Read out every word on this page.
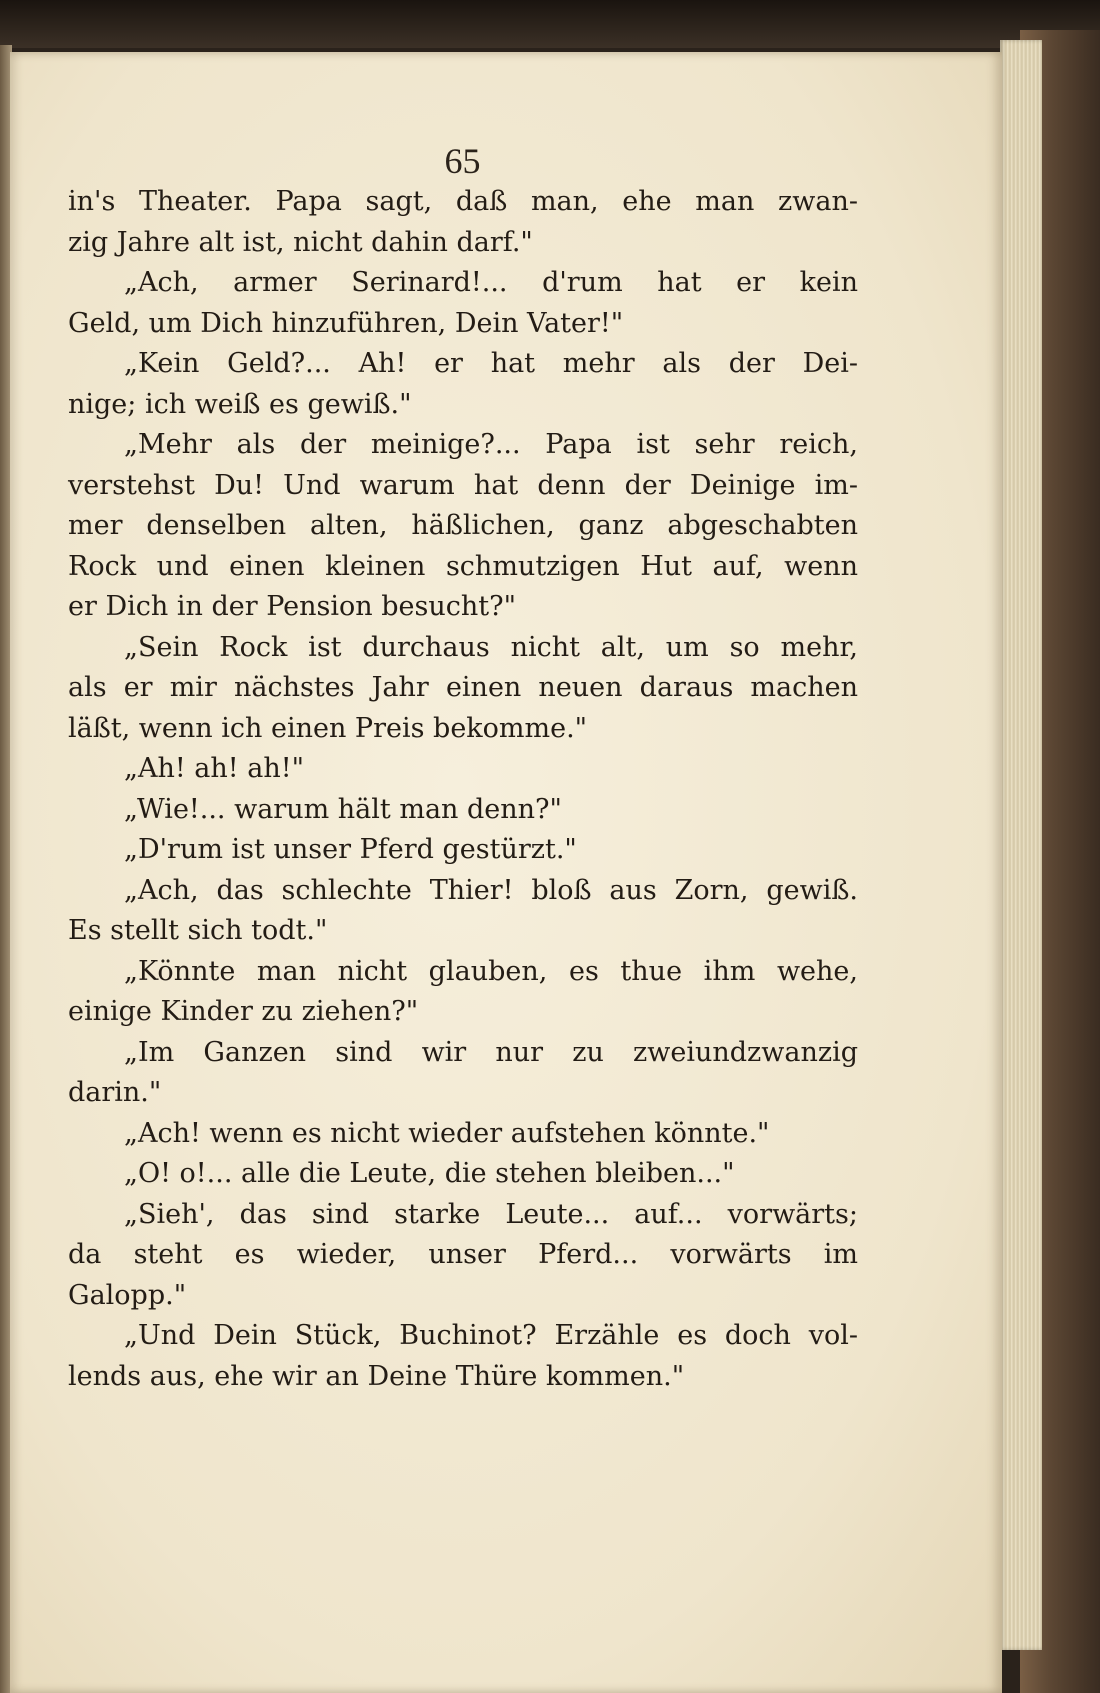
65
in's Theater. Papa sagt, daß man, ehe man zwan-
zig Jahre alt ist, nicht dahin darf."
„Ach, armer Serinard!... d'rum hat er kein
Geld, um Dich hinzuführen, Dein Vater!"
„Kein Geld?... Ah! er hat mehr als der Dei-
nige; ich weiß es gewiß."
„Mehr als der meinige?... Papa ist sehr reich,
verstehst Du! Und warum hat denn der Deinige im-
mer denselben alten, häßlichen, ganz abgeschabten
Rock und einen kleinen schmutzigen Hut auf, wenn
er Dich in der Pension besucht?"
„Sein Rock ist durchaus nicht alt, um so mehr,
als er mir nächstes Jahr einen neuen daraus machen
läßt, wenn ich einen Preis bekomme."
„Ah! ah! ah!"
„Wie!... warum hält man denn?"
„D'rum ist unser Pferd gestürzt."
„Ach, das schlechte Thier! bloß aus Zorn, gewiß.
Es stellt sich todt."
„Könnte man nicht glauben, es thue ihm wehe,
einige Kinder zu ziehen?"
„Im Ganzen sind wir nur zu zweiundzwanzig
darin."
„Ach! wenn es nicht wieder aufstehen könnte."
„O! o!... alle die Leute, die stehen bleiben..."
„Sieh', das sind starke Leute... auf... vorwärts;
da steht es wieder, unser Pferd... vorwärts im
Galopp."
„Und Dein Stück, Buchinot? Erzähle es doch vol-
lends aus, ehe wir an Deine Thüre kommen."
